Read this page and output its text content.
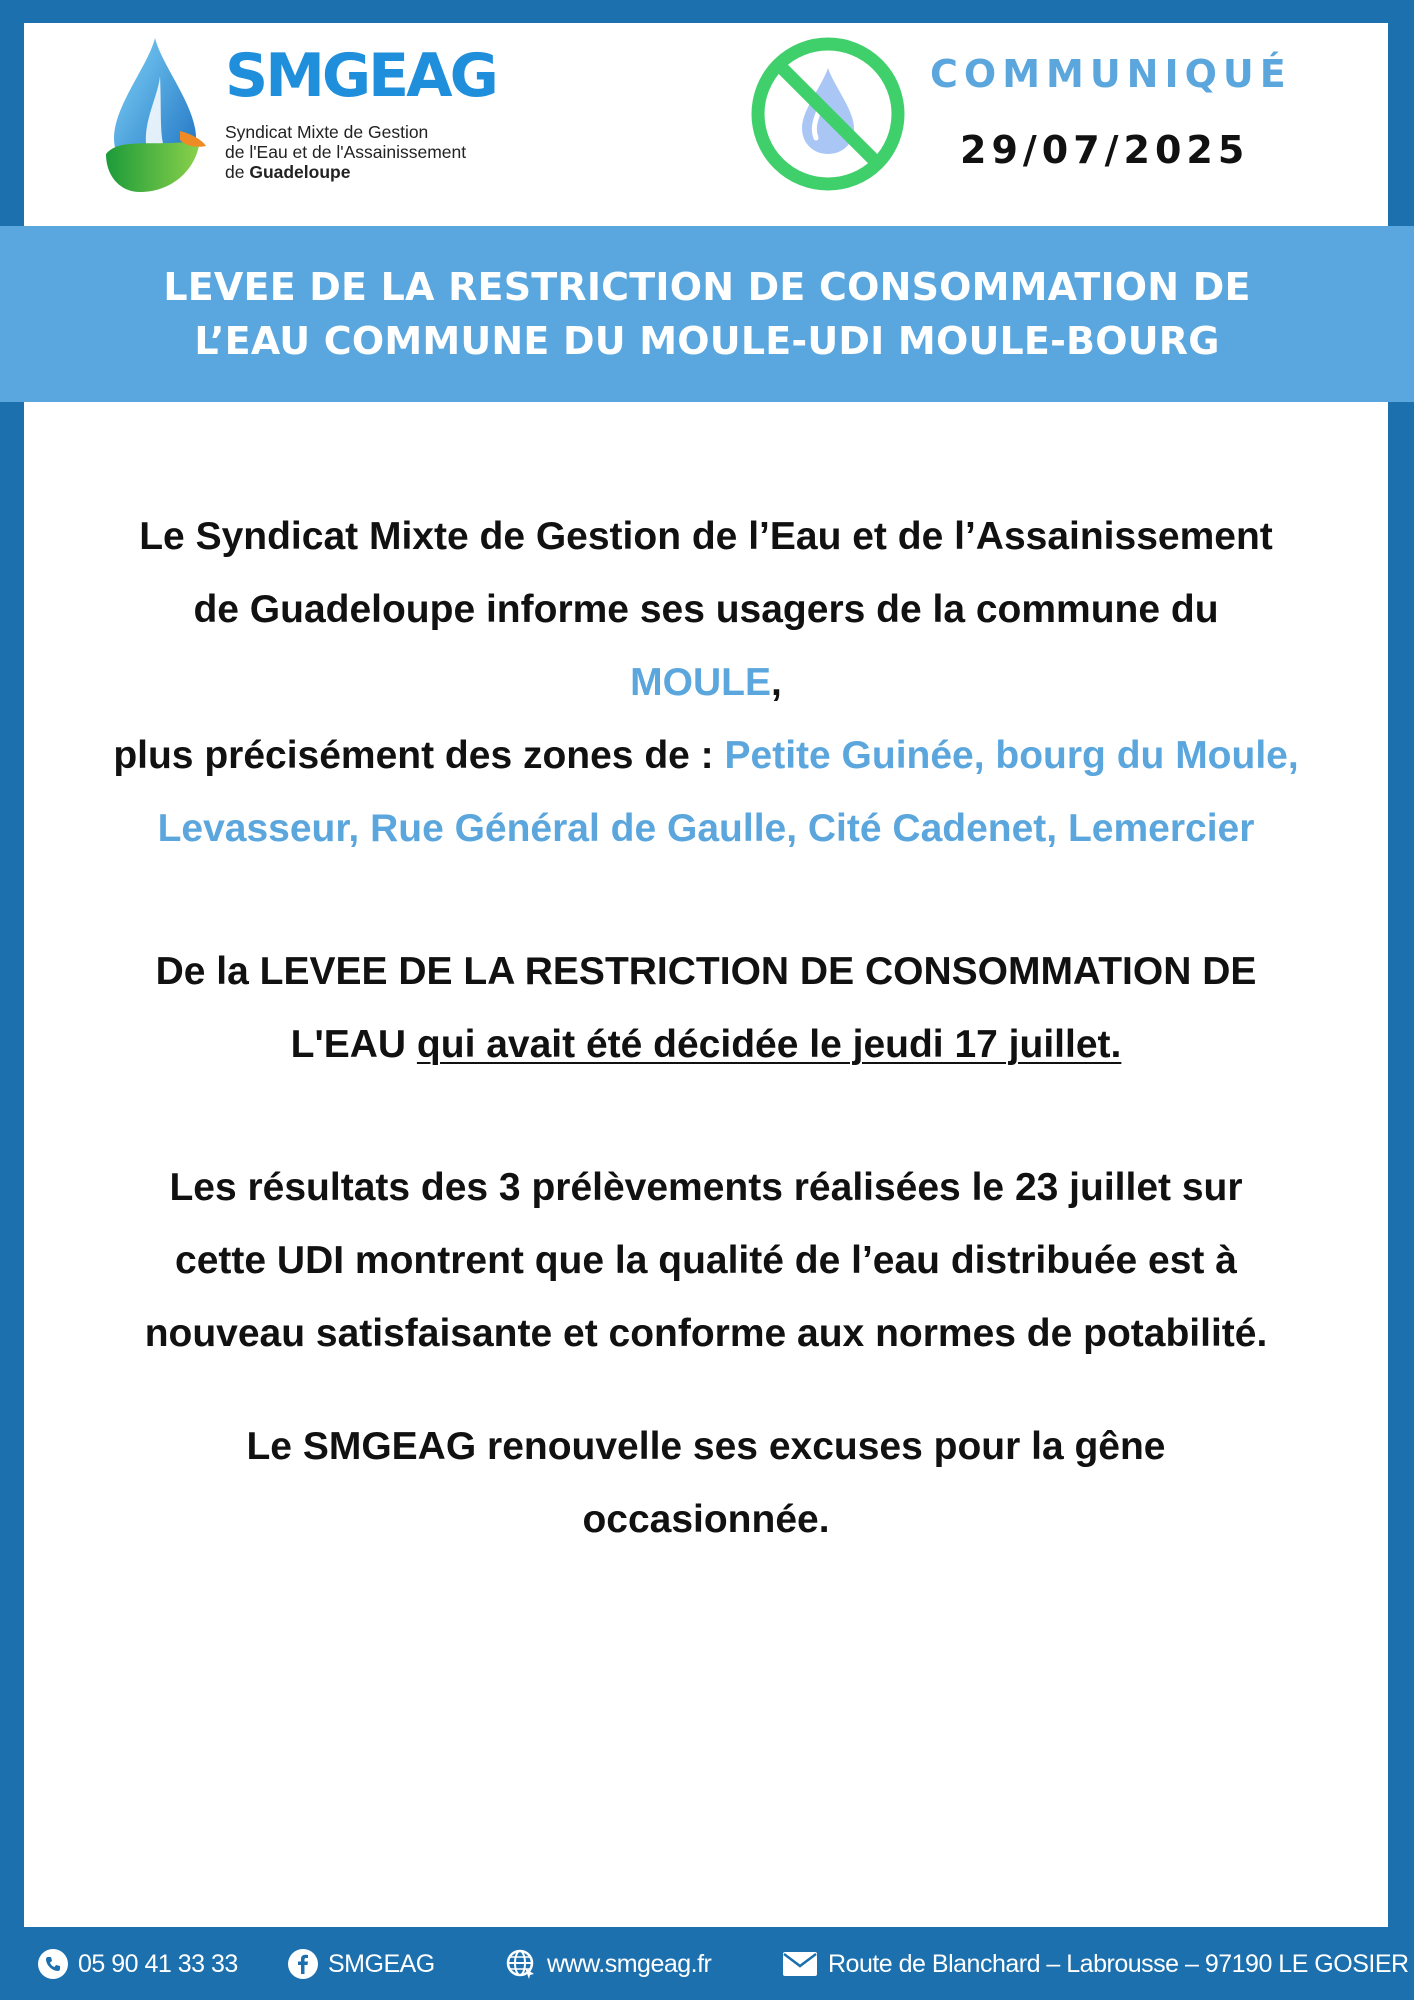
SMGEAG
Syndicat Mixte de Gestion
de l'Eau et de l'Assainissement
de Guadeloupe
COMMUNIQUÉ
29/07/2025
LEVEE DE LA RESTRICTION DE CONSOMMATION DE
L’EAU COMMUNE DU MOULE-UDI MOULE-BOURG
Le Syndicat Mixte de Gestion de l’Eau et de l’Assainissement
de Guadeloupe informe ses usagers de la commune du
MOULE,
plus précisément des zones de : Petite Guinée, bourg du Moule,
Levasseur, Rue Général de Gaulle, Cité Cadenet, Lemercier
De la LEVEE DE LA RESTRICTION DE CONSOMMATION DE
L'EAU qui avait été décidée le jeudi 17 juillet.
Les résultats des 3 prélèvements réalisées le 23 juillet sur
cette UDI montrent que la qualité de l’eau distribuée est à
nouveau satisfaisante et conforme aux normes de potabilité.
Le SMGEAG renouvelle ses excuses pour la gêne
occasionnée.
05 90 41 33 33	SMGEAG	www.smgeag.fr	Route de Blanchard – Labrousse – 97190 LE GOSIER
